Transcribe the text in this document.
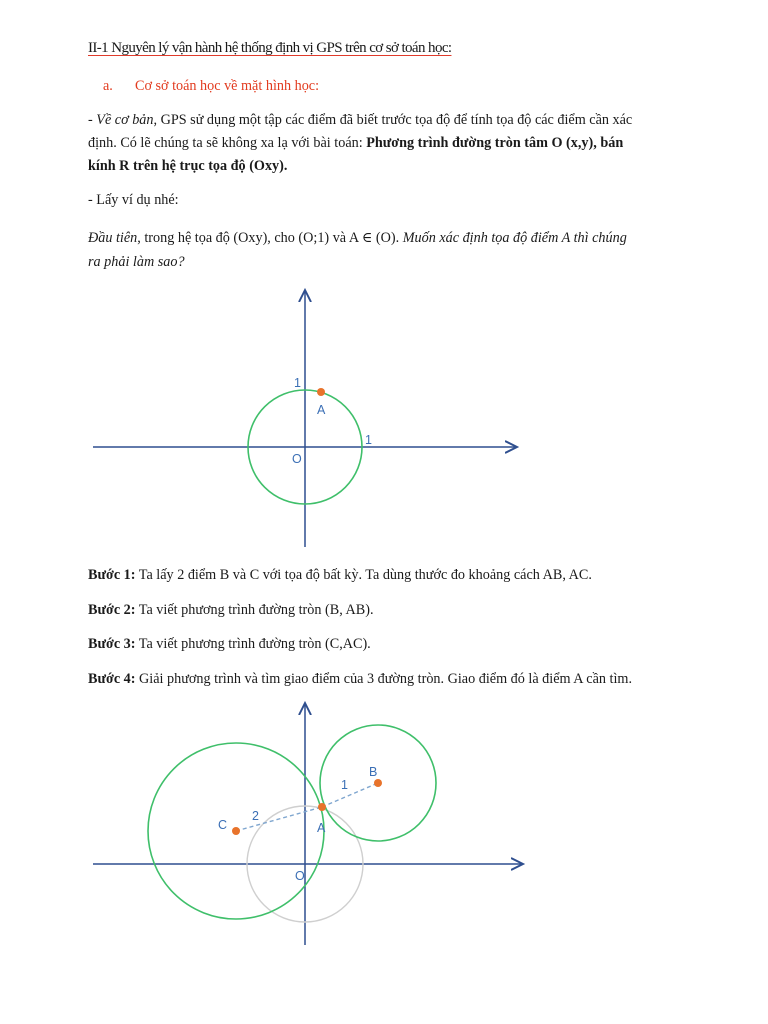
II-1 Nguyên lý vận hành hệ thống định vị GPS trên cơ sở toán học:
a. Cơ sở toán học về mặt hình học:
- Về cơ bản, GPS sử dụng một tập các điểm đã biết trước tọa độ để tính tọa độ các điểm cần xác
định. Có lẽ chúng ta sẽ không xa lạ với bài toán: Phương trình đường tròn tâm O (x,y), bán
kính R trên hệ trục tọa độ (Oxy).
- Lấy ví dụ nhé:
Đầu tiên, trong hệ tọa độ (Oxy), cho (O;1) và A ∈ (O). Muốn xác định tọa độ điểm A thì chúng
ra phải làm sao?
1
1
A
O
Bước 1: Ta lấy 2 điểm B và C với tọa độ bất kỳ. Ta dùng thước đo khoảng cách AB, AC.
Bước 2: Ta viết phương trình đường tròn (B, AB).
Bước 3: Ta viết phương trình đường tròn (C,AC).
Bước 4: Giải phương trình và tìm giao điểm của 3 đường tròn. Giao điểm đó là điểm A cần tìm.
B
C	A
O
1
2
